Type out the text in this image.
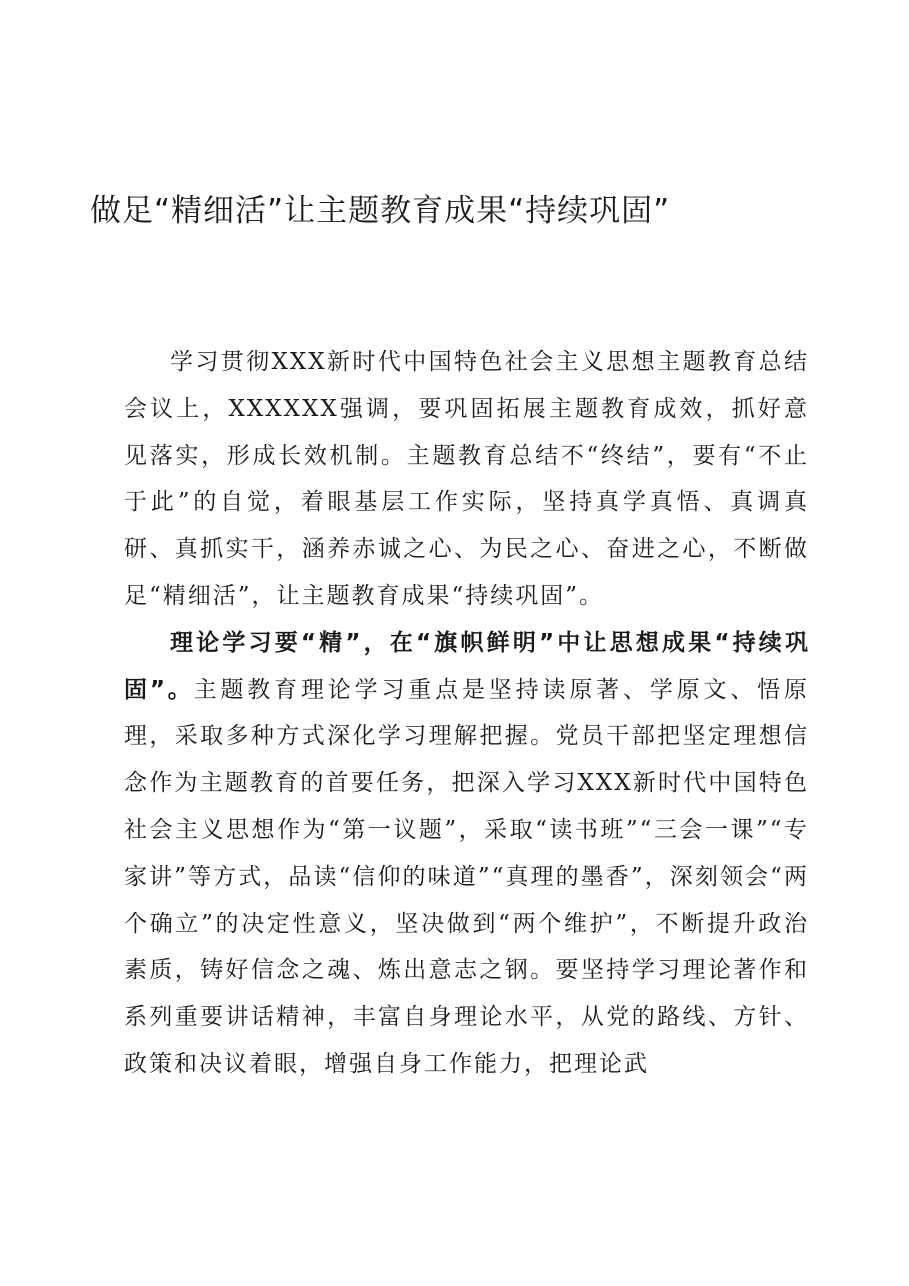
做足“精细活”让主题教育成果“持续巩固”

学习贯彻XXX新时代中国特色社会主义思想主题教育总结会议上，XXXXXX强调，要巩固拓展主题教育成效，抓好意见落实，形成长效机制。主题教育总结不“终结”，要有“不止于此”的自觉，着眼基层工作实际，坚持真学真悟、真调真研、真抓实干，涵养赤诚之心、为民之心、奋进之心，不断做足“精细活”，让主题教育成果“持续巩固”。

理论学习要“精”，在“旗帜鲜明”中让思想成果“持续巩固”。主题教育理论学习重点是坚持读原著、学原文、悟原理，采取多种方式深化学习理解把握。党员干部把坚定理想信念作为主题教育的首要任务，把深入学习XXX新时代中国特色社会主义思想作为“第一议题”，采取“读书班”“三会一课”“专家讲”等方式，品读“信仰的味道”“真理的墨香”，深刻领会“两个确立”的决定性意义，坚决做到“两个维护”，不断提升政治素质，铸好信念之魂、炼出意志之钢。要坚持学习理论著作和系列重要讲话精神，丰富自身理论水平，从党的路线、方针、政策和决议着眼，增强自身工作能力，把理论武
